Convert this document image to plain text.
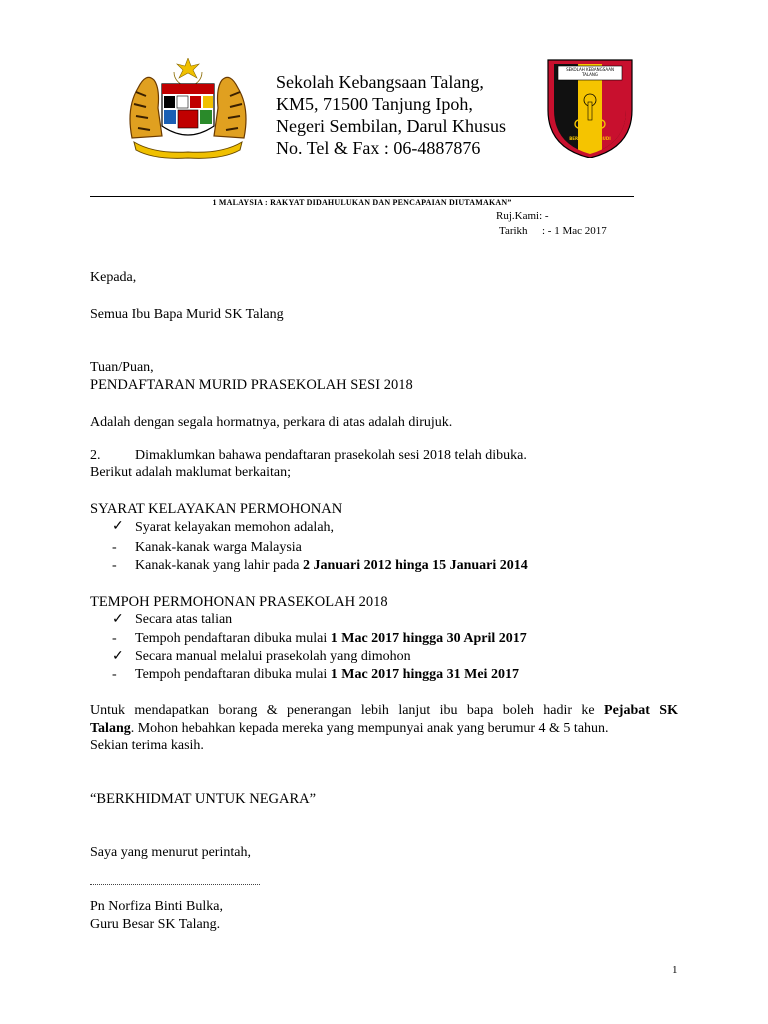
Sekolah Kebangsaan Talang,
KM5, 71500 Tanjung Ipoh,
Negeri Sembilan, Darul Khusus
No. Tel & Fax : 06-4887876
SEKOLAH KEBANGSAAN TALANG
BERILMU BERBUDI
1 MALAYSIA : RAKYAT DIDAHULUKAN DAN PENCAPAIAN DIUTAMAKAN”
Ruj.Kami: -
Tarikh : - 1 Mac 2017
Kepada,
Semua Ibu Bapa Murid SK Talang
Tuan/Puan,
PENDAFTARAN MURID PRASEKOLAH SESI 2018
Adalah dengan segala hormatnya, perkara di atas adalah dirujuk.
2. Dimaklumkan bahawa pendaftaran prasekolah sesi 2018 telah dibuka.
Berikut adalah maklumat berkaitan;
SYARAT KELAYAKAN PERMOHONAN
✓ Syarat kelayakan memohon adalah,
- Kanak-kanak warga Malaysia
- Kanak-kanak yang lahir pada 2 Januari 2012 hinga 15 Januari 2014
TEMPOH PERMOHONAN PRASEKOLAH 2018
✓ Secara atas talian
- Tempoh pendaftaran dibuka mulai 1 Mac 2017 hingga 30 April 2017
✓ Secara manual melalui prasekolah yang dimohon
- Tempoh pendaftaran dibuka mulai 1 Mac 2017 hingga 31 Mei 2017
Untuk mendapatkan borang & penerangan lebih lanjut ibu bapa boleh hadir ke Pejabat SK
Talang. Mohon hebahkan kepada mereka yang mempunyai anak yang berumur 4 & 5 tahun.
Sekian terima kasih.
“BERKHIDMAT UNTUK NEGARA”
Saya yang menurut perintah,
Pn Norfiza Binti Bulka,
Guru Besar SK Talang.
1
